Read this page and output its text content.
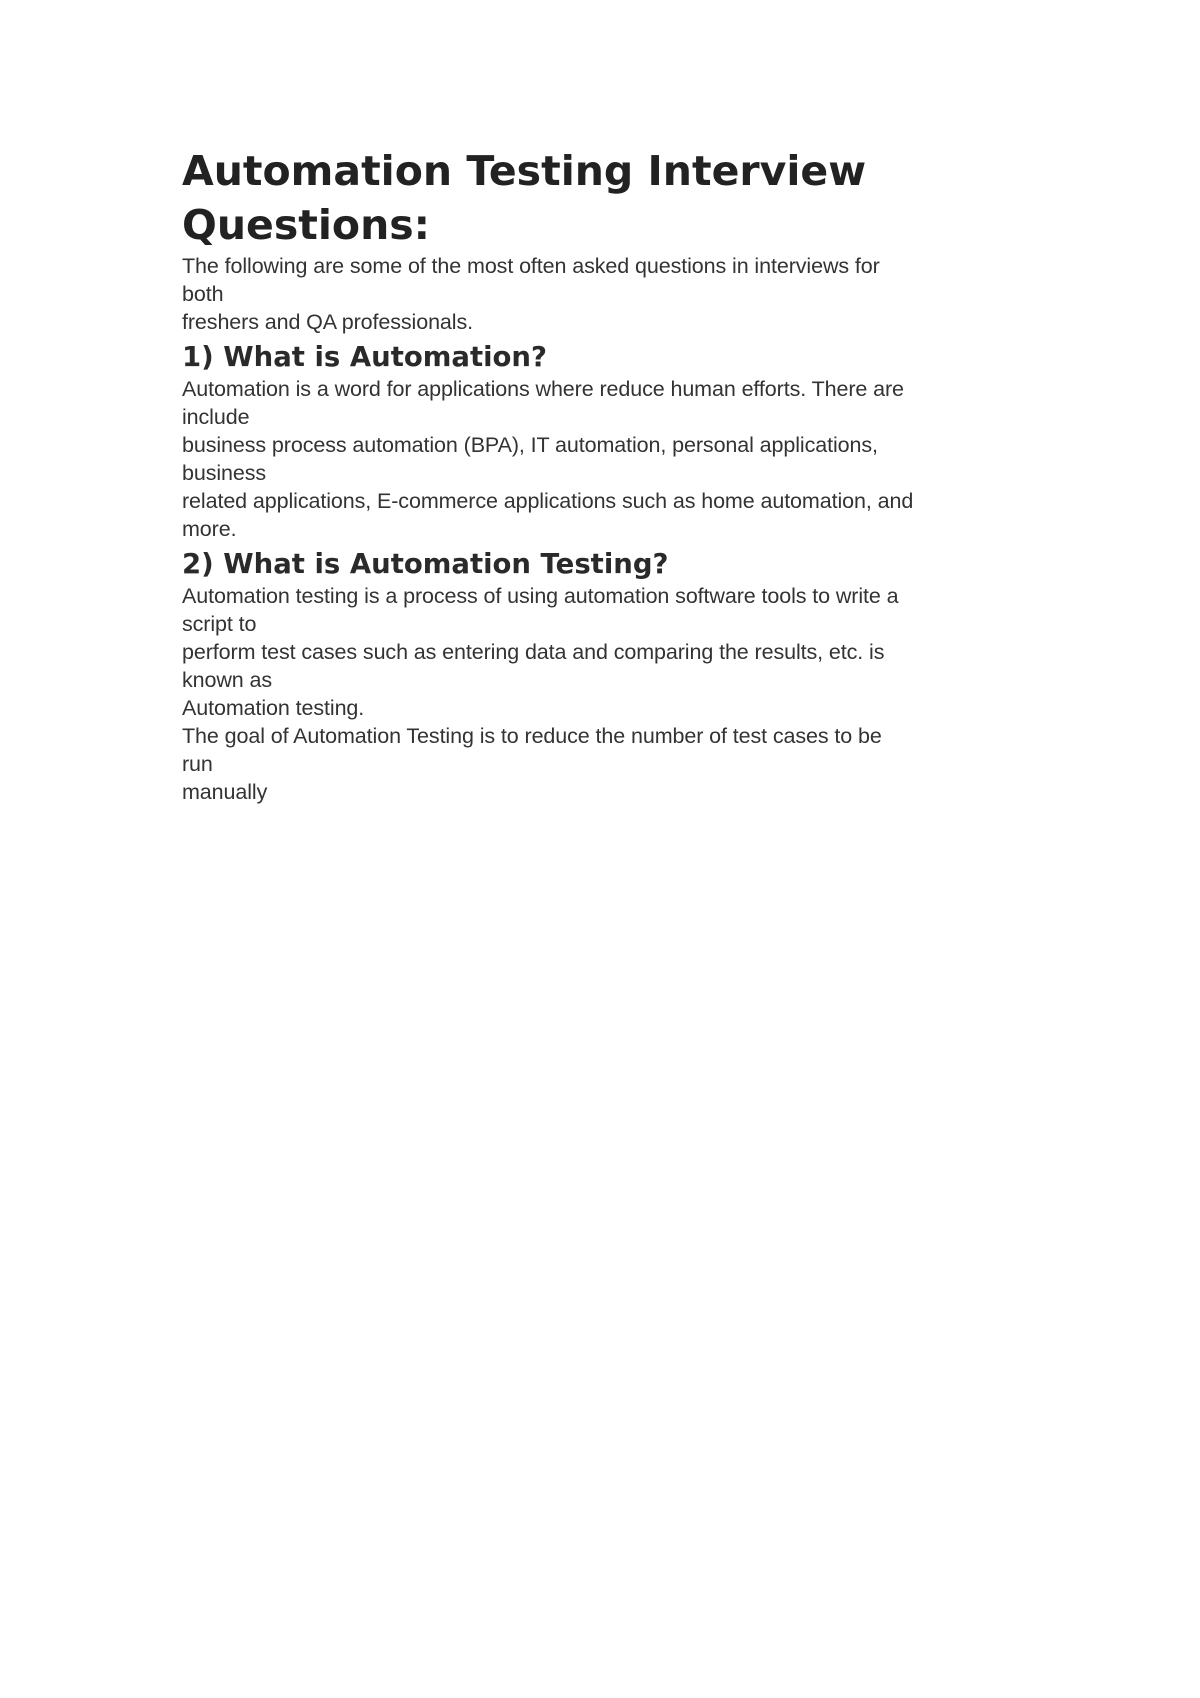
Automation Testing Interview
Questions:
The following are some of the most often asked questions in interviews for
both
freshers and QA professionals.
1) What is Automation?
Automation is a word for applications where reduce human efforts. There are
include
business process automation (BPA), IT automation, personal applications,
business
related applications, E-commerce applications such as home automation, and
more.
2) What is Automation Testing?
Automation testing is a process of using automation software tools to write a
script to
perform test cases such as entering data and comparing the results, etc. is
known as
Automation testing.
The goal of Automation Testing is to reduce the number of test cases to be
run
manually
